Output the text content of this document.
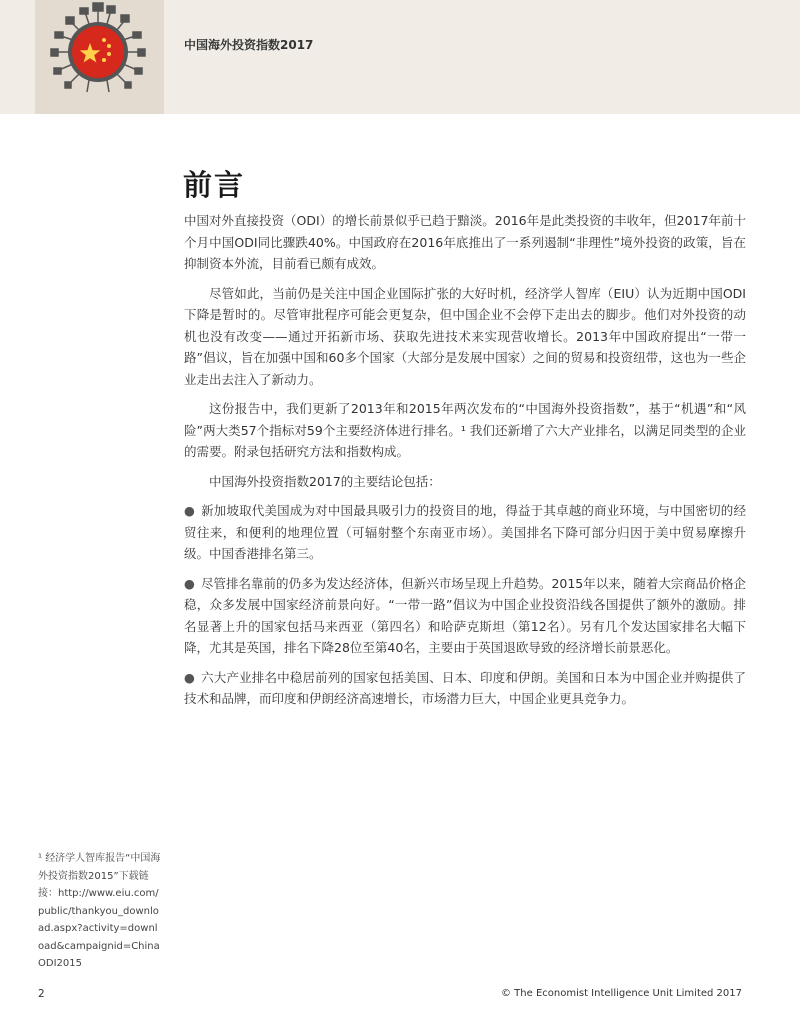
中国海外投资指数2017
前言

中国对外直接投资（ODI）的增长前景似乎已趋于黯淡。2016年是此类投资的丰收年，但2017年前十个月中国ODI同比骤跌40%。中国政府在2016年底推出了一系列遏制“非理性”境外投资的政策，旨在抑制资本外流，目前看已颇有成效。

尽管如此，当前仍是关注中国企业国际扩张的大好时机，经济学人智库（EIU）认为近期中国ODI下降是暂时的。尽管审批程序可能会更复杂，但中国企业不会停下走出去的脚步。他们对外投资的动机也没有改变——通过开拓新市场、获取先进技术来实现营收增长。2013年中国政府提出“一带一路”倡议，旨在加强中国和60多个国家（大部分是发展中国家）之间的贸易和投资纽带，这也为一些企业走出去注入了新动力。

这份报告中，我们更新了2013年和2015年两次发布的“中国海外投资指数”，基于“机遇”和“风险”两大类57个指标对59个主要经济体进行排名。¹ 我们还新增了六大产业排名，以满足同类型的企业的需要。附录包括研究方法和指数构成。

中国海外投资指数2017的主要结论包括：

● 新加坡取代美国成为对中国最具吸引力的投资目的地，得益于其卓越的商业环境，与中国密切的经贸往来，和便利的地理位置（可辐射整个东南亚市场）。美国排名下降可部分归因于美中贸易摩擦升级。中国香港排名第三。

● 尽管排名靠前的仍多为发达经济体，但新兴市场呈现上升趋势。2015年以来，随着大宗商品价格企稳，众多发展中国家经济前景向好。“一带一路”倡议为中国企业投资沿线各国提供了额外的激励。排名显著上升的国家包括马来西亚（第四名）和哈萨克斯坦（第12名）。另有几个发达国家排名大幅下降，尤其是英国，排名下降28位至第40名，主要由于英国退欧导致的经济增长前景恶化。

● 六大产业排名中稳居前列的国家包括美国、日本、印度和伊朗。美国和日本为中国企业并购提供了技术和品牌，而印度和伊朗经济高速增长，市场潜力巨大，中国企业更具竞争力。

¹ 经济学人智库报告“中国海外投资指数2015”下载链接：http://www.eiu.com/public/thankyou_download.aspx?activity=download&campaignid=ChinaODI2015
2	© The Economist Intelligence Unit Limited 2017
